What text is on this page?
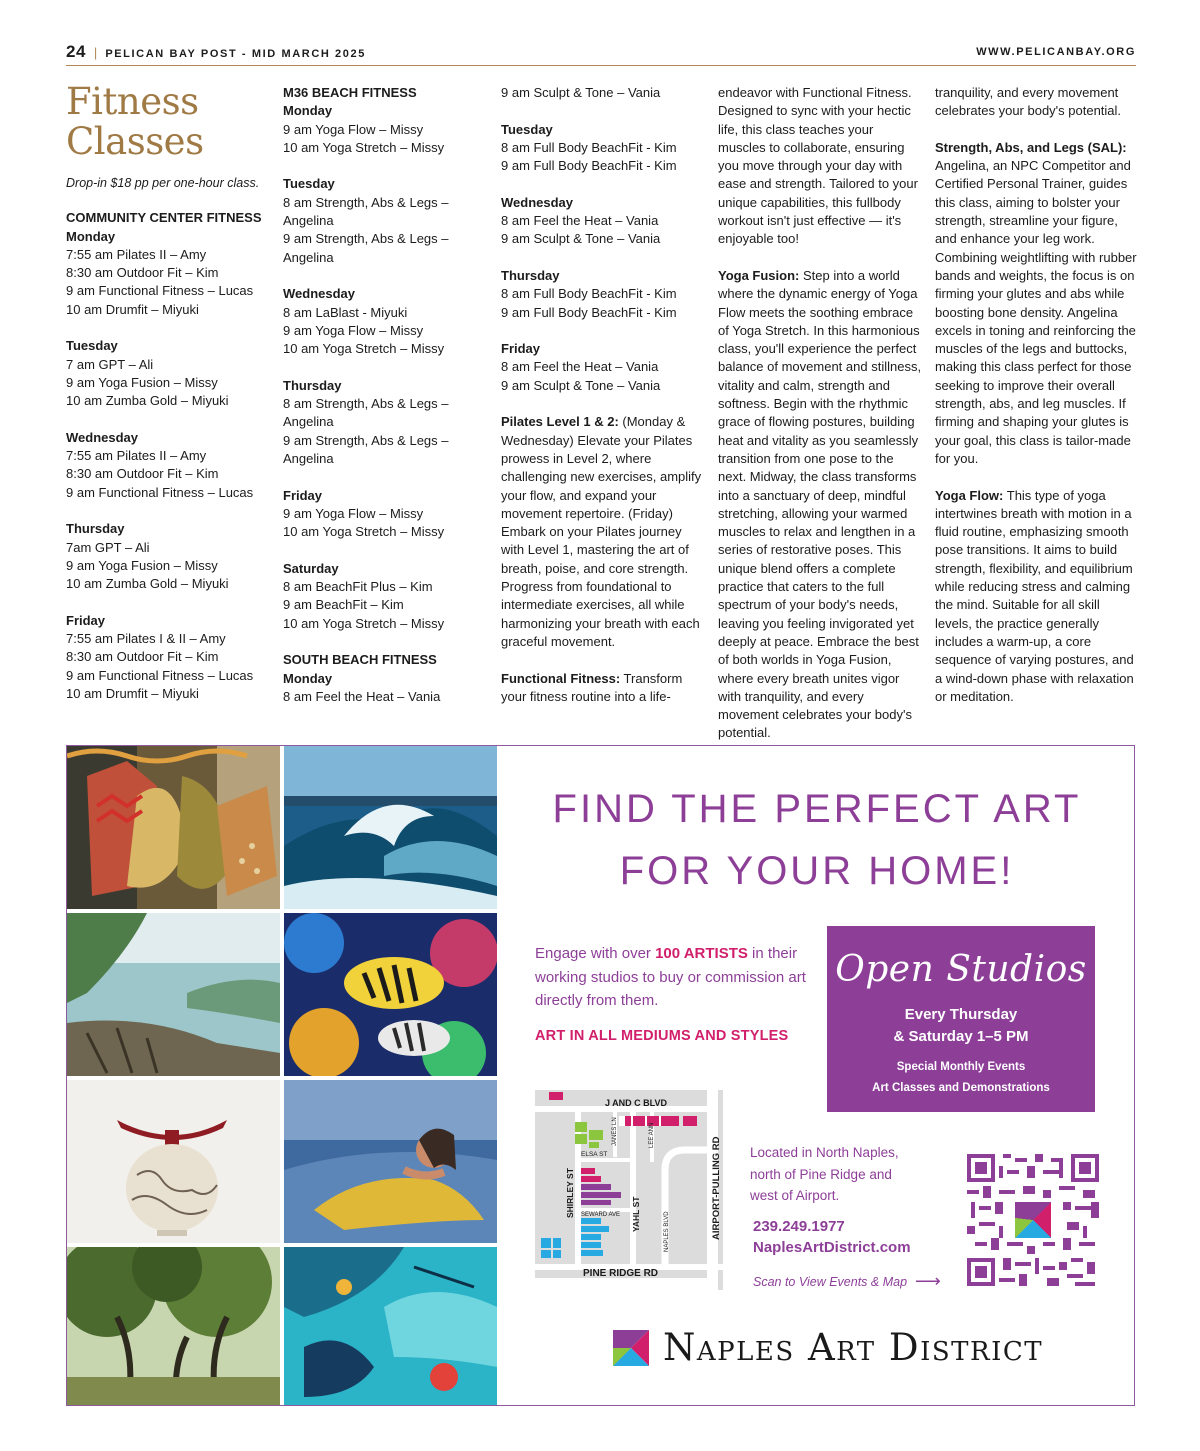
24 | PELICAN BAY POST - MID MARCH 2025	WWW.PELICANBAY.ORG
Fitness
Classes
Drop-in $18 pp per one-hour class.
COMMUNITY CENTER FITNESS
Monday
7:55 am Pilates II – Amy
8:30 am Outdoor Fit – Kim
9 am Functional Fitness – Lucas
10 am Drumfit – Miyuki
Tuesday
7 am GPT – Ali
9 am Yoga Fusion – Missy
10 am Zumba Gold – Miyuki
Wednesday
7:55 am Pilates II – Amy
8:30 am Outdoor Fit – Kim
9 am Functional Fitness – Lucas
Thursday
7am GPT – Ali
9 am Yoga Fusion – Missy
10 am Zumba Gold – Miyuki
Friday
7:55 am Pilates I & II – Amy
8:30 am Outdoor Fit – Kim
9 am Functional Fitness – Lucas
10 am Drumfit – Miyuki
M36 BEACH FITNESS
Monday
9 am Yoga Flow – Missy
10 am Yoga Stretch – Missy
Tuesday
8 am Strength, Abs & Legs –
Angelina
9 am Strength, Abs & Legs –
Angelina
Wednesday
8 am LaBlast - Miyuki
9 am Yoga Flow – Missy
10 am Yoga Stretch – Missy
Thursday
8 am Strength, Abs & Legs –
Angelina
9 am Strength, Abs & Legs –
Angelina
Friday
9 am Yoga Flow – Missy
10 am Yoga Stretch – Missy
Saturday
8 am BeachFit Plus – Kim
9 am BeachFit – Kim
10 am Yoga Stretch – Missy
SOUTH BEACH FITNESS
Monday
8 am Feel the Heat – Vania
9 am Sculpt & Tone – Vania
Tuesday
8 am Full Body BeachFit - Kim
9 am Full Body BeachFit - Kim
Wednesday
8 am Feel the Heat – Vania
9 am Sculpt & Tone – Vania
Thursday
8 am Full Body BeachFit - Kim
9 am Full Body BeachFit - Kim
Friday
8 am Feel the Heat – Vania
9 am Sculpt & Tone – Vania
Pilates Level 1 & 2: (Monday & Wednesday) Elevate your Pilates prowess in Level 2, where challenging new exercises, amplify your flow, and expand your movement repertoire. (Friday) Embark on your Pilates journey with Level 1, mastering the art of breath, poise, and core strength. Progress from foundational to intermediate exercises, all while harmonizing your breath with each graceful movement.
Functional Fitness: Transform your fitness routine into a life-
endeavor with Functional Fitness. Designed to sync with your hectic life, this class teaches your muscles to collaborate, ensuring you move through your day with ease and strength. Tailored to your unique capabilities, this fullbody workout isn't just effective — it's enjoyable too!
Yoga Fusion: Step into a world where the dynamic energy of Yoga Flow meets the soothing embrace of Yoga Stretch. In this harmonious class, you'll experience the perfect balance of movement and stillness, vitality and calm, strength and softness. Begin with the rhythmic grace of flowing postures, building heat and vitality as you seamlessly transition from one pose to the next. Midway, the class transforms into a sanctuary of deep, mindful stretching, allowing your warmed muscles to relax and lengthen in a series of restorative poses. This unique blend offers a complete practice that caters to the full spectrum of your body's needs, leaving you feeling invigorated yet deeply at peace. Embrace the best of both worlds in Yoga Fusion, where every breath unites vigor with tranquility, and every movement celebrates your body's potential.
tranquility, and every movement celebrates your body's potential.
Strength, Abs, and Legs (SAL): Angelina, an NPC Competitor and Certified Personal Trainer, guides this class, aiming to bolster your strength, streamline your figure, and enhance your leg work. Combining weightlifting with rubber bands and weights, the focus is on firming your glutes and abs while boosting bone density. Angelina excels in toning and reinforcing the muscles of the legs and buttocks, making this class perfect for those seeking to improve their overall strength, abs, and leg muscles. If firming and shaping your glutes is your goal, this class is tailor-made for you.
Yoga Flow: This type of yoga intertwines breath with motion in a fluid routine, emphasizing smooth pose transitions. It aims to build strength, flexibility, and equilibrium while reducing stress and calming the mind. Suitable for all skill levels, the practice generally includes a warm-up, a core sequence of varying postures, and a wind-down phase with relaxation or meditation.
FIND THE PERFECT ART
FOR YOUR HOME!
Engage with over 100 ARTISTS in their working studios to buy or commission art directly from them.
ART IN ALL MEDIUMS AND STYLES
Open Studios
Every Thursday
& Saturday 1–5 PM
Special Monthly Events
Art Classes and Demonstrations
J AND C BLVD
PINE RIDGE RD
ELSA ST
SEWARD AVE	AIRPORT-PULLING RD
SHIRLEY ST	YAHL ST
JANES LN	LEE ANN
NAPLES BLVD
Located in North Naples,
north of Pine Ridge and
west of Airport.
239.249.1977
NaplesArtDistrict.com
Scan to View Events & Map ⟶
Naples Art District
